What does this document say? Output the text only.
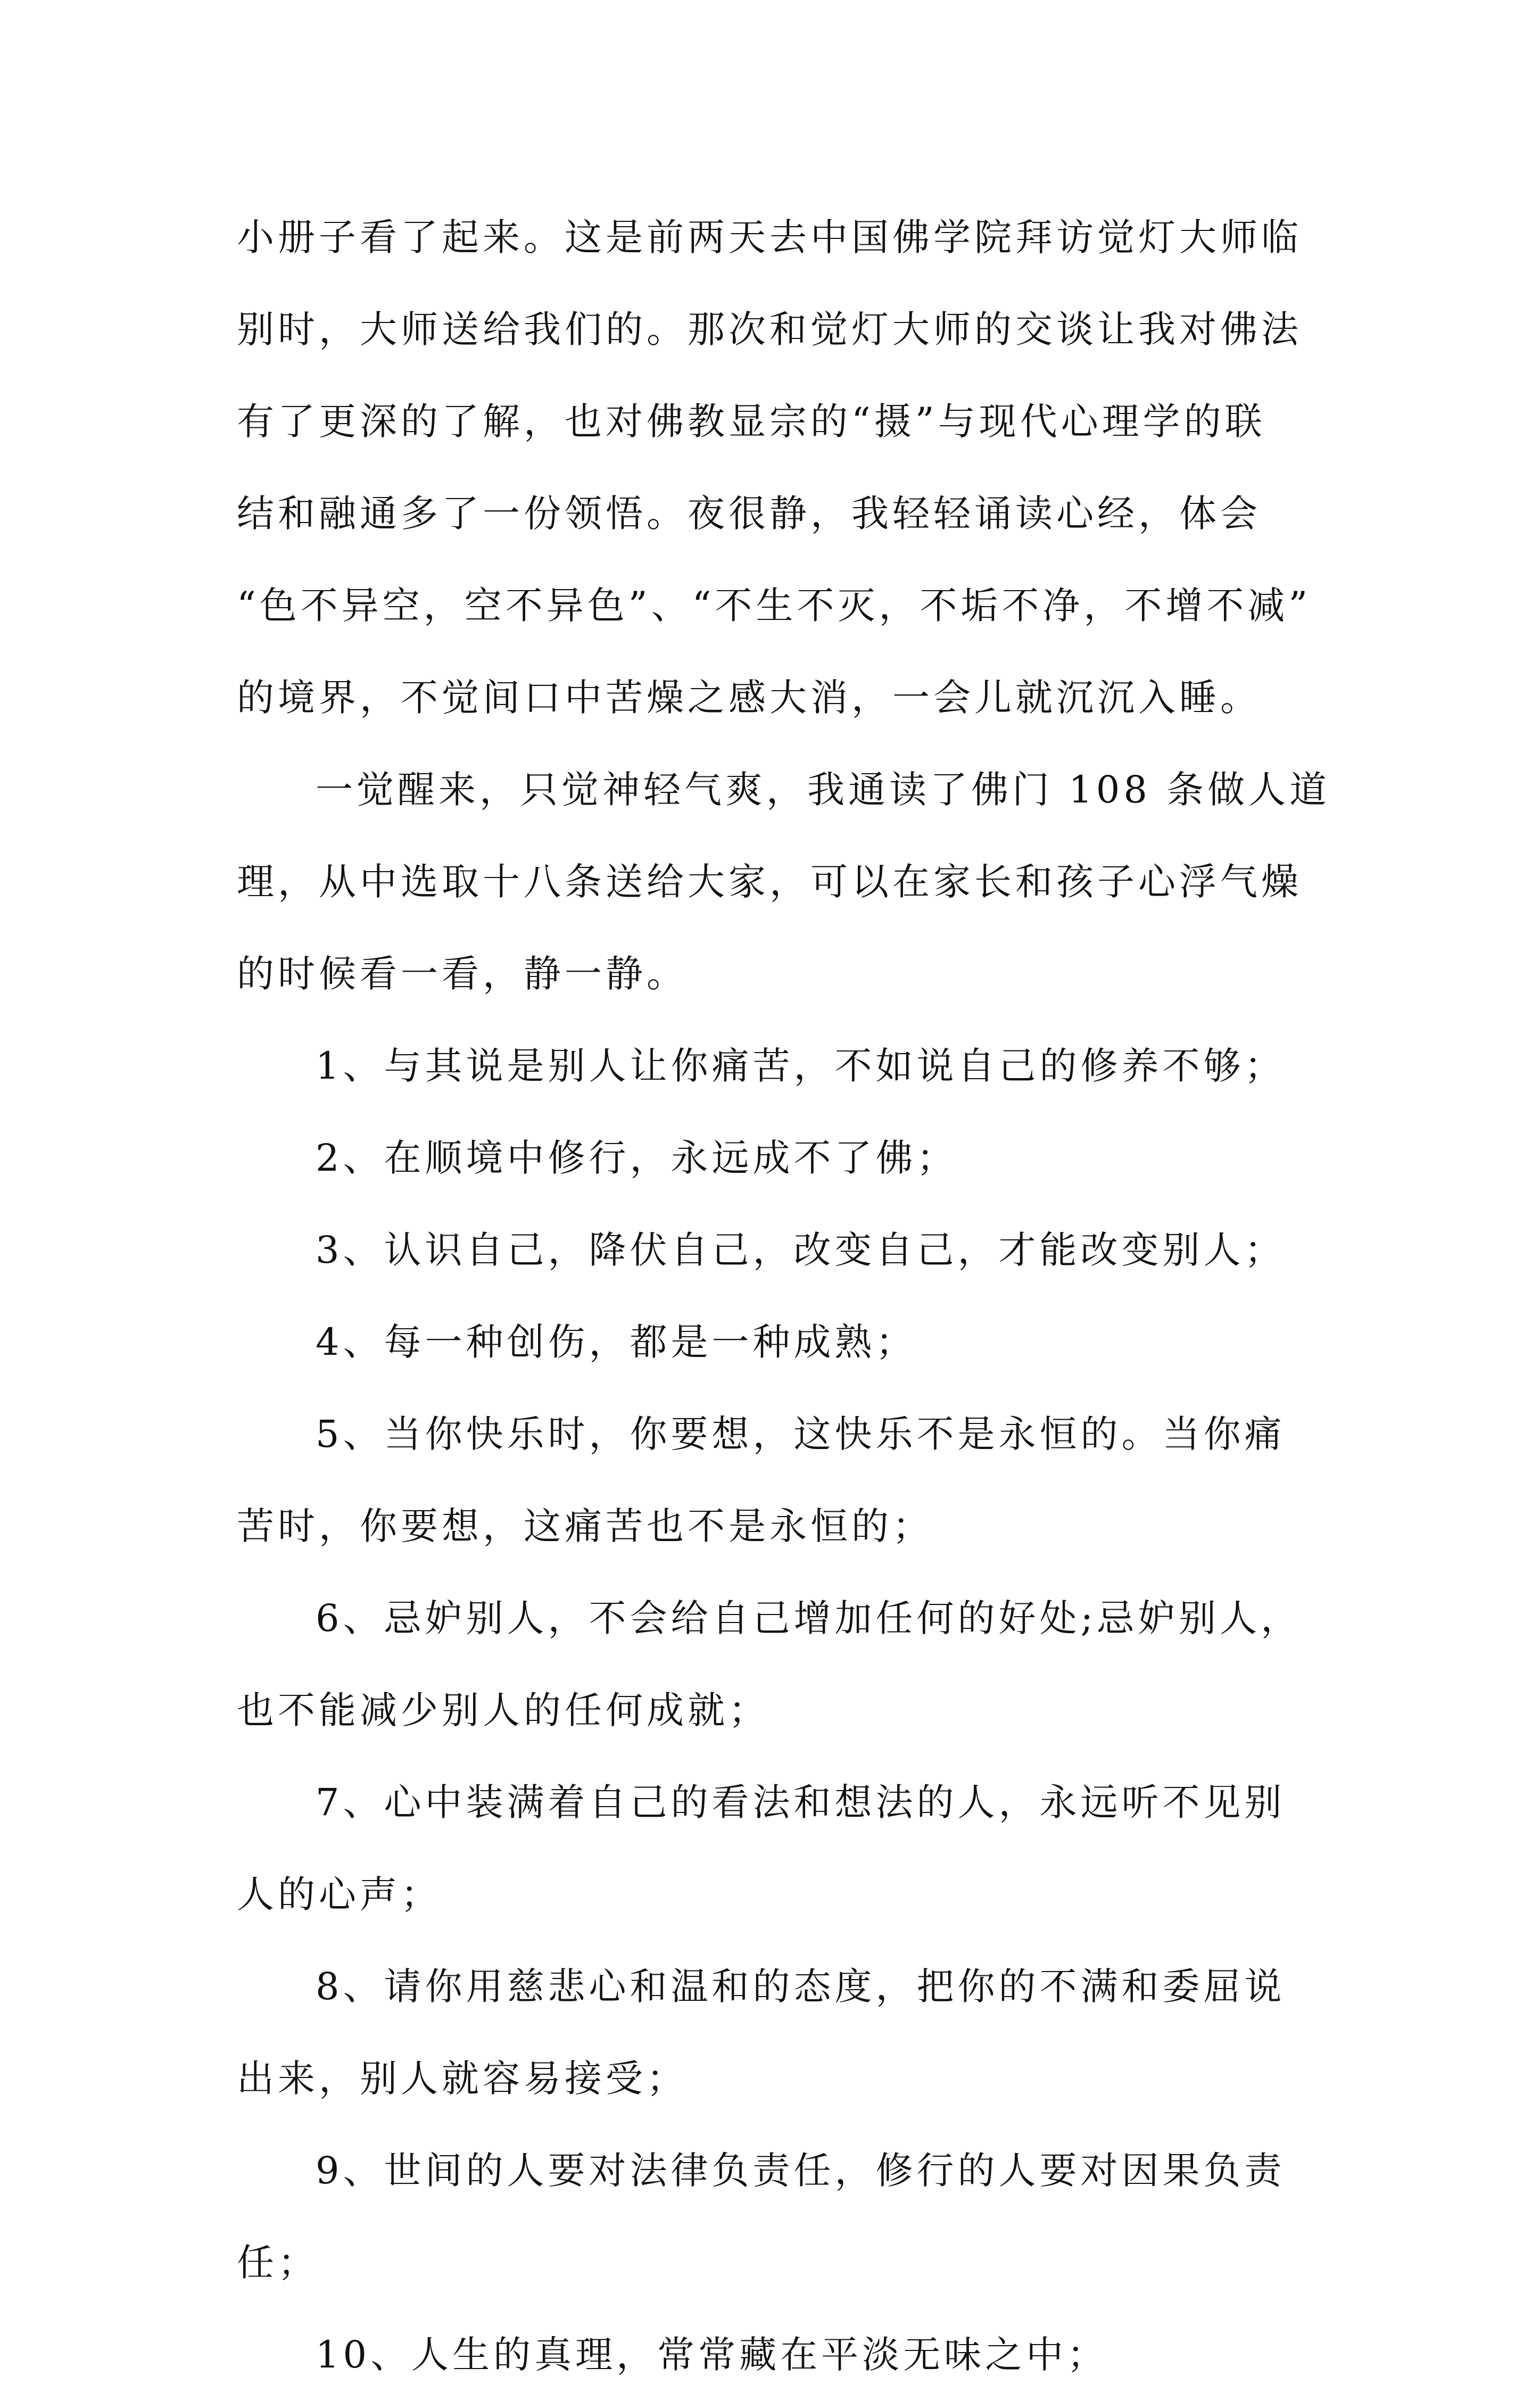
小册子看了起来。这是前两天去中国佛学院拜访觉灯大师临
别时，大师送给我们的。那次和觉灯大师的交谈让我对佛法
有了更深的了解，也对佛教显宗的“摄”与现代心理学的联
结和融通多了一份领悟。夜很静，我轻轻诵读心经，体会
“色不异空，空不异色”、“不生不灭，不垢不净，不增不减”
的境界，不觉间口中苦燥之感大消，一会儿就沉沉入睡。

一觉醒来，只觉神轻气爽，我通读了佛门 108 条做人道
理，从中选取十八条送给大家，可以在家长和孩子心浮气燥
的时候看一看，静一静。

1、与其说是别人让你痛苦，不如说自己的修养不够；

2、在顺境中修行，永远成不了佛；

3、认识自己，降伏自己，改变自己，才能改变别人；

4、每一种创伤，都是一种成熟；

5、当你快乐时，你要想，这快乐不是永恒的。当你痛
苦时，你要想，这痛苦也不是永恒的；

6、忌妒别人，不会给自己增加任何的好处;忌妒别人，
也不能减少别人的任何成就；

7、心中装满着自己的看法和想法的人，永远听不见别
人的心声；

8、请你用慈悲心和温和的态度，把你的不满和委屈说
出来，别人就容易接受；

9、世间的人要对法律负责任，修行的人要对因果负责
任；

10、人生的真理，常常藏在平淡无味之中；
